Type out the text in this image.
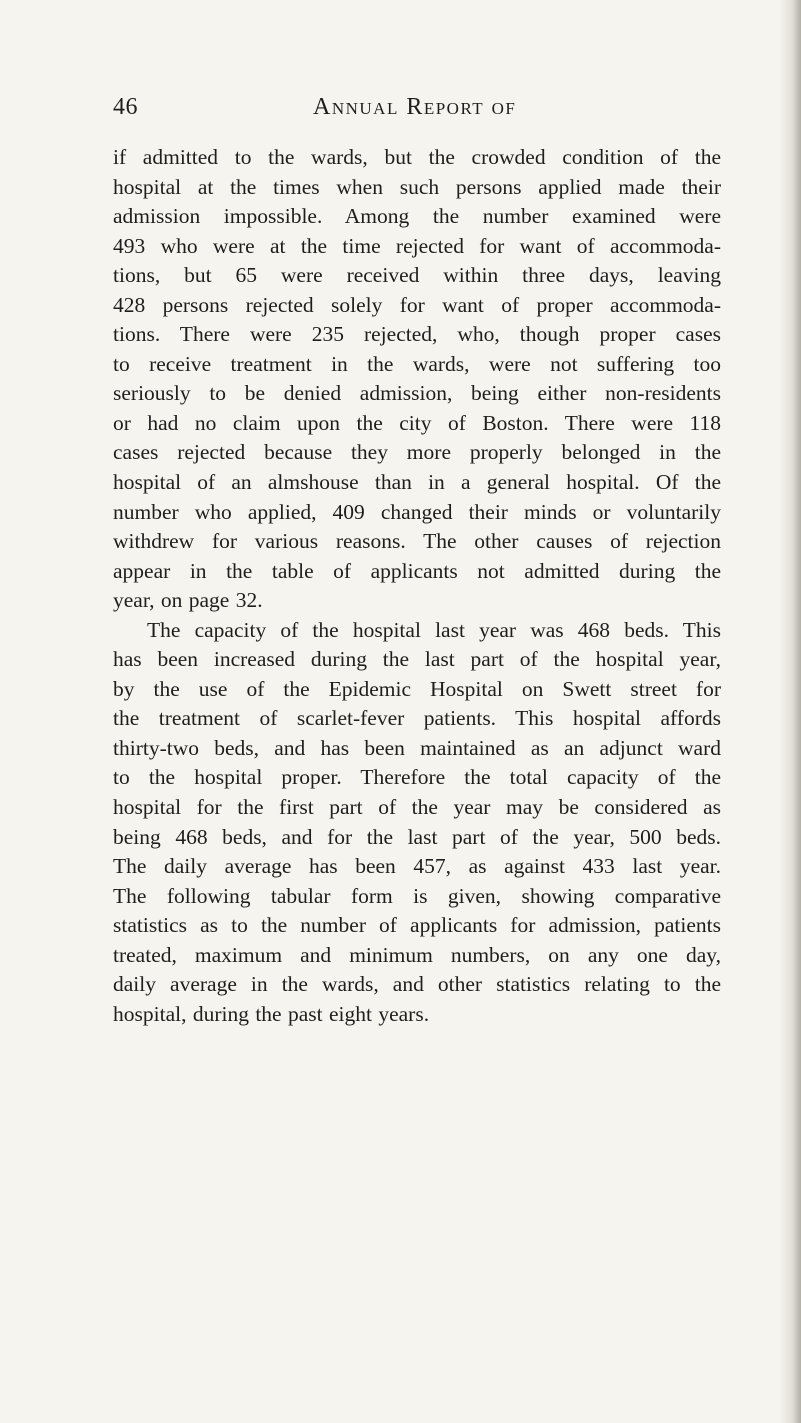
46	Annual Report of
if admitted to the wards, but the crowded condition of the
hospital at the times when such persons applied made their
admission impossible. Among the number examined were
493 who were at the time rejected for want of accommoda-
tions, but 65 were received within three days, leaving
428 persons rejected solely for want of proper accommoda-
tions. There were 235 rejected, who, though proper cases
to receive treatment in the wards, were not suffering too
seriously to be denied admission, being either non-residents
or had no claim upon the city of Boston. There were 118
cases rejected because they more properly belonged in the
hospital of an almshouse than in a general hospital. Of the
number who applied, 409 changed their minds or voluntarily
withdrew for various reasons. The other causes of rejection
appear in the table of applicants not admitted during the
year, on page 32.
The capacity of the hospital last year was 468 beds. This
has been increased during the last part of the hospital year,
by the use of the Epidemic Hospital on Swett street for
the treatment of scarlet-fever patients. This hospital affords
thirty-two beds, and has been maintained as an adjunct ward
to the hospital proper. Therefore the total capacity of the
hospital for the first part of the year may be considered as
being 468 beds, and for the last part of the year, 500 beds.
The daily average has been 457, as against 433 last year.
The following tabular form is given, showing comparative
statistics as to the number of applicants for admission, patients
treated, maximum and minimum numbers, on any one day,
daily average in the wards, and other statistics relating to the
hospital, during the past eight years.
